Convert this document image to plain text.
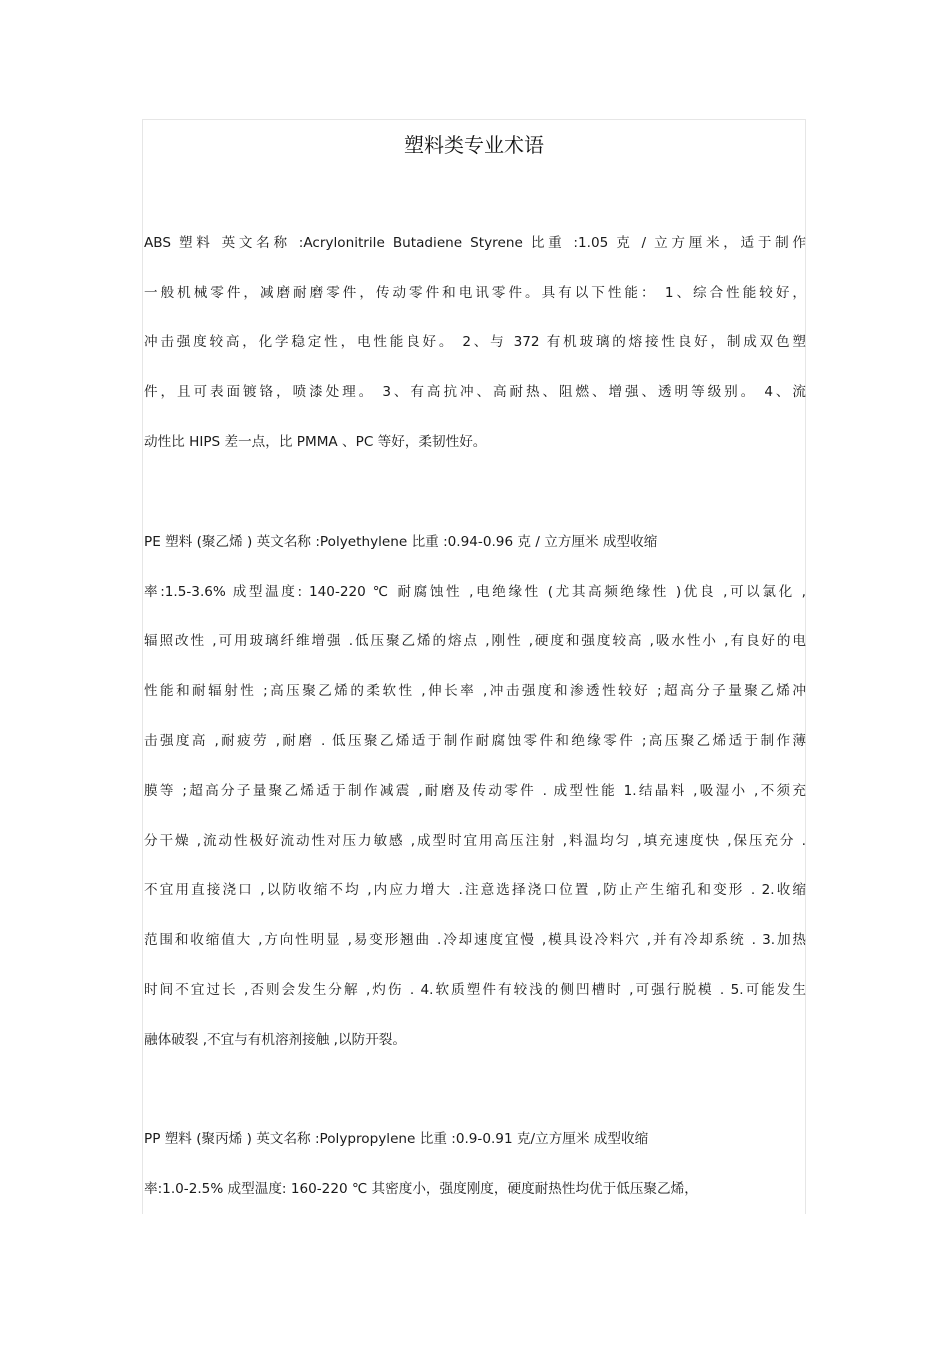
塑料类专业术语
ABS 塑料 英文名称 :Acrylonitrile Butadiene Styrene 比重 :1.05 克 / 立方厘米，适于制作
一般机械零件，减磨耐磨零件，传动零件和电讯零件。具有以下性能： 1、综合性能较好，
冲击强度较高，化学稳定性，电性能良好。 2、与 372 有机玻璃的熔接性良好，制成双色塑
件，且可表面镀铬，喷漆处理。 3、有高抗冲、高耐热、阻燃、增强、透明等级别。 4、流
动性比 HIPS 差一点，比 PMMA 、PC 等好，柔韧性好。
PE 塑料 (聚乙烯 ) 英文名称 :Polyethylene 比重 :0.94-0.96 克 / 立方厘米 成型收缩
率:1.5-3.6% 成型温度: 140-220 ℃ 耐腐蚀性 ,电绝缘性 (尤其高频绝缘性 )优良 ,可以氯化 ,
辐照改性 ,可用玻璃纤维增强 .低压聚乙烯的熔点 ,刚性 ,硬度和强度较高 ,吸水性小 ,有良好的电
性能和耐辐射性 ;高压聚乙烯的柔软性 ,伸长率 ,冲击强度和渗透性较好 ;超高分子量聚乙烯冲
击强度高 ,耐疲劳 ,耐磨 . 低压聚乙烯适于制作耐腐蚀零件和绝缘零件 ;高压聚乙烯适于制作薄
膜等 ;超高分子量聚乙烯适于制作减震 ,耐磨及传动零件 . 成型性能 1.结晶料 ,吸湿小 ,不须充
分干燥 ,流动性极好流动性对压力敏感 ,成型时宜用高压注射 ,料温均匀 ,填充速度快 ,保压充分 .
不宜用直接浇口 ,以防收缩不均 ,内应力增大 .注意选择浇口位置 ,防止产生缩孔和变形 . 2.收缩
范围和收缩值大 ,方向性明显 ,易变形翘曲 .冷却速度宜慢 ,模具设冷料穴 ,并有冷却系统 . 3.加热
时间不宜过长 ,否则会发生分解 ,灼伤 . 4.软质塑件有较浅的侧凹槽时 ,可强行脱模 . 5.可能发生
融体破裂 ,不宜与有机溶剂接触 ,以防开裂。
PP 塑料 (聚丙烯 ) 英文名称 :Polypropylene 比重 :0.9-0.91 克/立方厘米 成型收缩
率:1.0-2.5% 成型温度: 160-220 ℃ 其密度小，强度刚度，硬度耐热性均优于低压聚乙烯，
